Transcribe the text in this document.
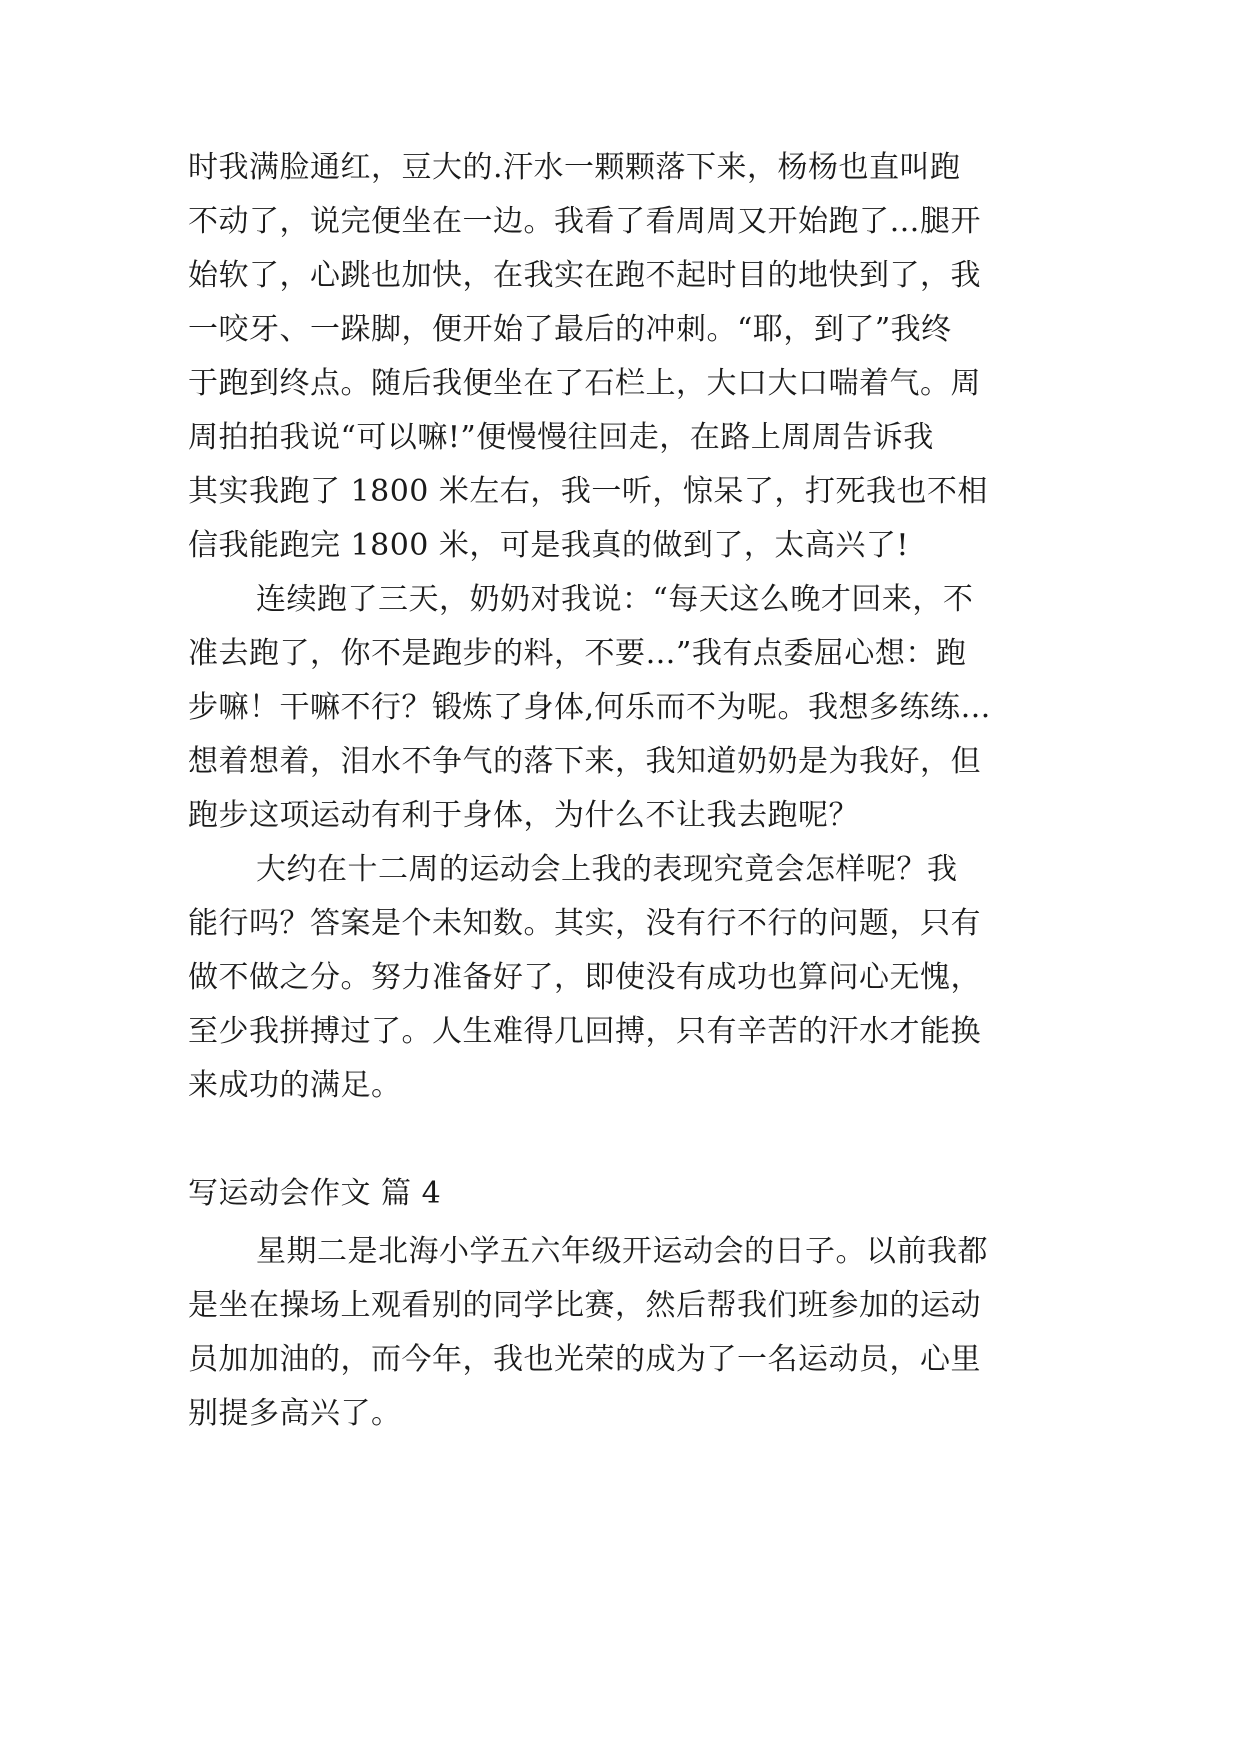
时我满脸通红，豆大的.汗水一颗颗落下来，杨杨也直叫跑

不动了，说完便坐在一边。我看了看周周又开始跑了…腿开

始软了，心跳也加快，在我实在跑不起时目的地快到了，我

一咬牙、一跺脚，便开始了最后的冲刺。“耶，到了”我终

于跑到终点。随后我便坐在了石栏上，大口大口喘着气。周

周拍拍我说“可以嘛!”便慢慢往回走，在路上周周告诉我

其实我跑了 1800 米左右，我一听，惊呆了，打死我也不相

信我能跑完 1800 米，可是我真的做到了，太高兴了!

连续跑了三天，奶奶对我说：“每天这么晚才回来，不

准去跑了，你不是跑步的料，不要…”我有点委屈心想：跑

步嘛！干嘛不行？锻炼了身体,何乐而不为呢。我想多练练…

想着想着，泪水不争气的落下来，我知道奶奶是为我好，但

跑步这项运动有利于身体，为什么不让我去跑呢？

大约在十二周的运动会上我的表现究竟会怎样呢？我

能行吗？答案是个未知数。其实，没有行不行的问题，只有

做不做之分。努力准备好了，即使没有成功也算问心无愧，

至少我拼搏过了。人生难得几回搏，只有辛苦的汗水才能换

来成功的满足。

写运动会作文 篇 4

星期二是北海小学五六年级开运动会的日子。以前我都

是坐在操场上观看别的同学比赛，然后帮我们班参加的运动

员加加油的，而今年，我也光荣的成为了一名运动员，心里

别提多高兴了。
